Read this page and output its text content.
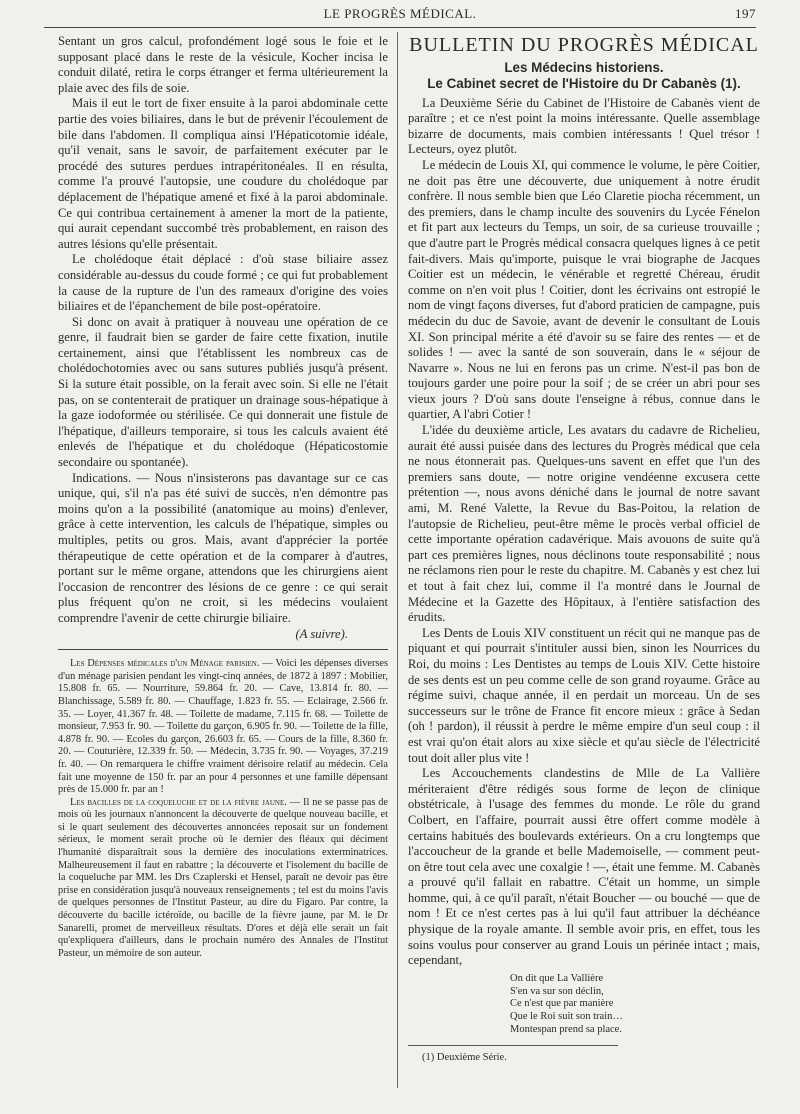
LE PROGRÈS MÉDICAL.	197

Sentant un gros calcul, profondément logé sous le foie et le supposant placé dans le reste de la vésicule, Kocher incisa le conduit dilaté, retira le corps étranger et ferma ultérieurement la plaie avec des fils de soie.

Mais il eut le tort de fixer ensuite à la paroi abdominale cette partie des voies biliaires, dans le but de prévenir l'écoulement de bile dans l'abdomen. Il compliqua ainsi l'Hépaticotomie idéale, qu'il venait, sans le savoir, de parfaitement exécuter par le procédé des sutures perdues intrapéritonéales. Il en résulta, comme l'a prouvé l'autopsie, une coudure du cholédoque par déplacement de l'hépatique amené et fixé à la paroi abdominale. Ce qui contribua certainement à amener la mort de la patiente, qui aurait cependant succombé très probablement, en raison des autres lésions qu'elle présentait.

Le cholédoque était déplacé : d'où stase biliaire assez considérable au-dessus du coude formé ; ce qui fut probablement la cause de la rupture de l'un des rameaux d'origine des voies biliaires et de l'épanchement de bile post-opératoire.

Si donc on avait à pratiquer à nouveau une opération de ce genre, il faudrait bien se garder de faire cette fixation, inutile certainement, ainsi que l'établissent les nombreux cas de cholédochotomies avec ou sans sutures publiés jusqu'à présent. Si la suture était possible, on la ferait avec soin. Si elle ne l'était pas, on se contenterait de pratiquer un drainage sous-hépatique à la gaze iodoformée ou stérilisée. Ce qui donnerait une fistule de l'hépatique, d'ailleurs temporaire, si tous les calculs avaient été enlevés de l'hépatique et du cholédoque (Hépaticostomie secondaire ou spontanée).

Indications. — Nous n'insisterons pas davantage sur ce cas unique, qui, s'il n'a pas été suivi de succès, n'en démontre pas moins qu'on a la possibilité (anatomique au moins) d'enlever, grâce à cette intervention, les calculs de l'hépatique, simples ou multiples, petits ou gros. Mais, avant d'apprécier la portée thérapeutique de cette opération et de la comparer à d'autres, portant sur le même organe, attendons que les chirurgiens aient l'occasion de rencontrer des lésions de ce genre : ce qui serait plus fréquent qu'on ne croit, si les médecins voulaient comprendre l'avenir de cette chirurgie biliaire.

(A suivre).

Les Dépenses médicales d'un Ménage parisien. — Voici les dépenses diverses d'un ménage parisien pendant les vingt-cinq années, de 1872 à 1897 : Mobilier, 15.808 fr. 65. — Nourriture, 59.864 fr. 20. — Cave, 13.814 fr. 80. — Blanchissage, 5.589 fr. 80. — Chauffage, 1.823 fr. 55. — Eclairage, 2.566 fr. 35. — Loyer, 41.367 fr. 48. — Toilette de madame, 7.115 fr. 68. — Toilette de monsieur, 7.953 fr. 90. — Toilette du garçon, 6.905 fr. 90. — Toilette de la fille, 4.878 fr. 90. — Ecoles du garçon, 26.603 fr. 65. — Cours de la fille, 8.360 fr. 20. — Couturière, 12.339 fr. 50. — Médecin, 3.735 fr. 90. — Voyages, 37.219 fr. 40. — On remarquera le chiffre vraiment dérisoire relatif au médecin. Cela fait une moyenne de 150 fr. par an pour 4 personnes et une famille dépensant près de 15.000 fr. par an !

Les bacilles de la coqueluche et de la fièvre jaune. — Il ne se passe pas de mois où les journaux n'annoncent la découverte de quelque nouveau bacille, et si le quart seulement des découvertes annoncées reposait sur un fondement sérieux, le moment serait proche où le dernier des fléaux qui déciment l'humanité disparaîtrait sous la dernière des inoculations exterminatrices. Malheureusement il faut en rabattre ; la découverte et l'isolement du bacille de la coqueluche par MM. les Drs Czaplerski et Hensel, paraît ne devoir pas être prise en considération jusqu'à nouveaux renseignements ; tel est du moins l'avis de quelques personnes de l'Institut Pasteur, au dire du Figaro. Par contre, la découverte du bacille ictéroïde, ou bacille de la fièvre jaune, par M. le Dr Sanarelli, promet de merveilleux résultats. D'ores et déjà elle serait un fait qu'expliquera d'ailleurs, dans le prochain numéro des Annales de l'Institut Pasteur, un mémoire de son auteur.

BULLETIN DU PROGRÈS MÉDICAL
Les Médecins historiens.
Le Cabinet secret de l'Histoire du Dr Cabanès (1).

La Deuxième Série du Cabinet de l'Histoire de Cabanès vient de paraître ; et ce n'est point la moins intéressante. Quelle assemblage bizarre de documents, mais combien intéressants ! Quel trésor ! Lecteurs, oyez plutôt.

Le médecin de Louis XI, qui commence le volume, le père Coitier, ne doit pas être une découverte, due uniquement à notre érudit confrère. Il nous semble bien que Léo Claretie piocha récemment, un des premiers, dans le champ inculte des souvenirs du Lycée Fénelon et fit part aux lecteurs du Temps, un soir, de sa curieuse trouvaille ; que d'autre part le Progrès médical consacra quelques lignes à ce petit fait-divers. Mais qu'importe, puisque le vrai biographe de Jacques Coitier est un médecin, le vénérable et regretté Chéreau, érudit comme on n'en voit plus ! Coitier, dont les écrivains ont estropié le nom de vingt façons diverses, fut d'abord praticien de campagne, puis médecin du duc de Savoie, avant de devenir le consultant de Louis XI. Son principal mérite a été d'avoir su se faire des rentes — et de solides ! — avec la santé de son souverain, dans le « séjour de Navarre ». Nous ne lui en ferons pas un crime. N'est-il pas bon de toujours garder une poire pour la soif ; de se créer un abri pour ses vieux jours ? D'où sans doute l'enseigne à rébus, connue dans le quartier, A l'abri Cotier !

L'idée du deuxième article, Les avatars du cadavre de Richelieu, aurait été aussi puisée dans des lectures du Progrès médical que cela ne nous étonnerait pas. Quelques-uns savent en effet que l'un des premiers sans doute, — notre origine vendéenne excusera cette prétention —, nous avons déniché dans le journal de notre savant ami, M. René Valette, la Revue du Bas-Poitou, la relation de l'autopsie de Richelieu, peut-être même le procès verbal officiel de cette importante opération cadavérique. Mais avouons de suite qu'à part ces premières lignes, nous déclinons toute responsabilité ; nous ne réclamons rien pour le reste du chapitre. M. Cabanès y est chez lui et tout à fait chez lui, comme il l'a montré dans le Journal de Médecine et la Gazette des Hôpitaux, à l'entière satisfaction des érudits.

Les Dents de Louis XIV constituent un récit qui ne manque pas de piquant et qui pourrait s'intituler aussi bien, sinon les Nourrices du Roi, du moins : Les Dentistes au temps de Louis XIV. Cette histoire de ses dents est un peu comme celle de son grand royaume. Grâce au régime suivi, chaque année, il en perdait un morceau. Un de ses successeurs sur le trône de France fit encore mieux : grâce à Sedan (oh ! pardon), il réussit à perdre le même empire d'un seul coup : il est vrai qu'on était alors au xixe siècle et qu'au siècle de l'électricité tout doit aller plus vite !

Les Accouchements clandestins de Mlle de La Vallière mériteraient d'être rédigés sous forme de leçon de clinique obstétricale, à l'usage des femmes du monde. Le rôle du grand Colbert, en l'affaire, pourrait aussi être offert comme modèle à certains habitués des boulevards extérieurs. On a cru longtemps que l'accoucheur de la grande et belle Mademoiselle, — comment peut-on être tout cela avec une coxalgie ! —, était une femme. M. Cabanès a prouvé qu'il fallait en rabattre. C'était un homme, un simple homme, qui, à ce qu'il paraît, n'était Boucher — ou bouché — que de nom ! Et ce n'est certes pas à lui qu'il faut attribuer la déchéance physique de la royale amante. Il semble avoir pris, en effet, tous les soins voulus pour conserver au grand Louis un périnée intact ; mais, cependant,

On dit que La Vallière
S'en va sur son déclin,
Ce n'est que par manière
Que le Roi suit son train…
Montespan prend sa place.
(1) Deuxième Série.
